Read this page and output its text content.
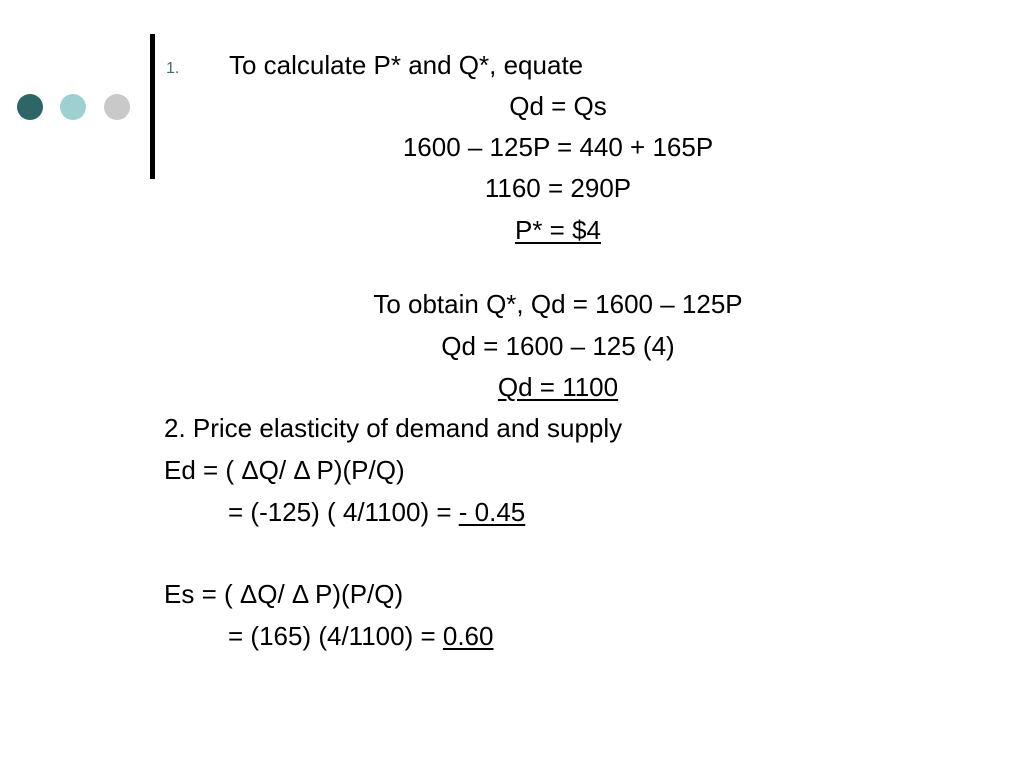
1. To calculate P* and Q*, equate
Qd = Qs
1600 – 125P = 440 + 165P
1160 = 290P
P* = $4
To obtain Q*, Qd = 1600 – 125P
Qd = 1600 – 125 (4)
Qd = 1100
2. Price elasticity of demand and supply
Ed = ( ΔQ/ Δ P)(P/Q)
= (-125) ( 4/1100) = - 0.45
Es = ( ΔQ/ Δ P)(P/Q)
= (165) (4/1100) = 0.60
